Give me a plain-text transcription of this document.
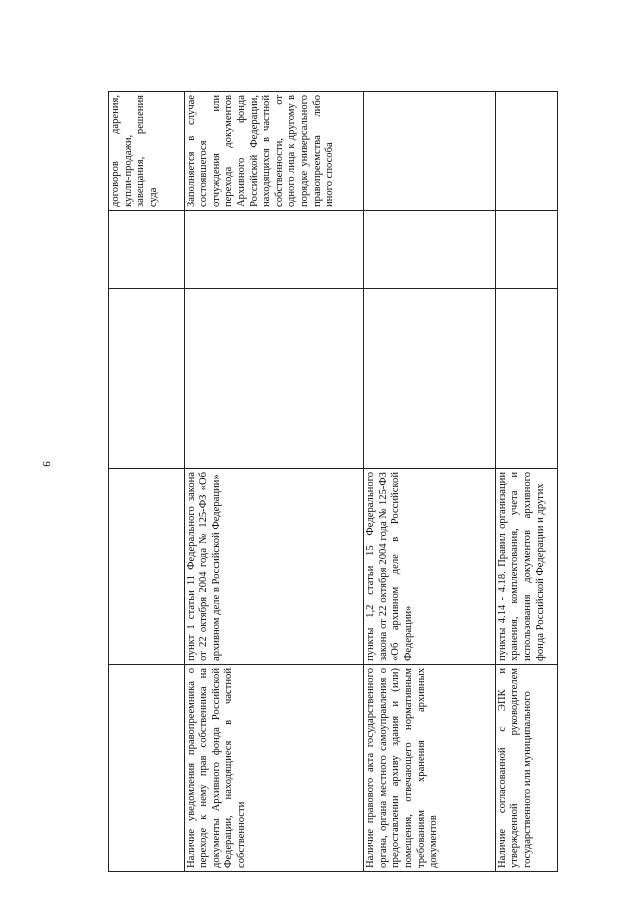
9

				договоров дарения, купли-продажи, завещания, решения суда

Наличие уведомления правопреемника о переходе к нему прав собственника на документы Архивного фонда Российской Федерации, находящиеся в частной собственности	пункт 1 статьи 11 Федерального закона от 22 октября 2004 года № 125-ФЗ «Об архивном деле в Российской Федерации»			Заполняется в случае состоявшегося отчуждения или перехода документов Архивного фонда Российской Федерации, находящихся в частной собственности, от одного лица к другому в порядке универсального правопреемства либо иного способа

Наличие правового акта государственного органа, органа местного самоуправления о предоставлении архиву здания и (или) помещения, отвечающего нормативным требованиям хранения архивных документов	пункты 1,2 статьи 15 Федерального закона от 22 октября 2004 года № 125-ФЗ «Об архивном деле в Российской Федерации»			

Наличие согласованной с ЭПК и утвержденной руководителем государственного или муниципального	пункты 4.14 - 4.18. Правил организации хранения, комплектования, учета и использования документов архивного фонда Российской Федерации и других			
